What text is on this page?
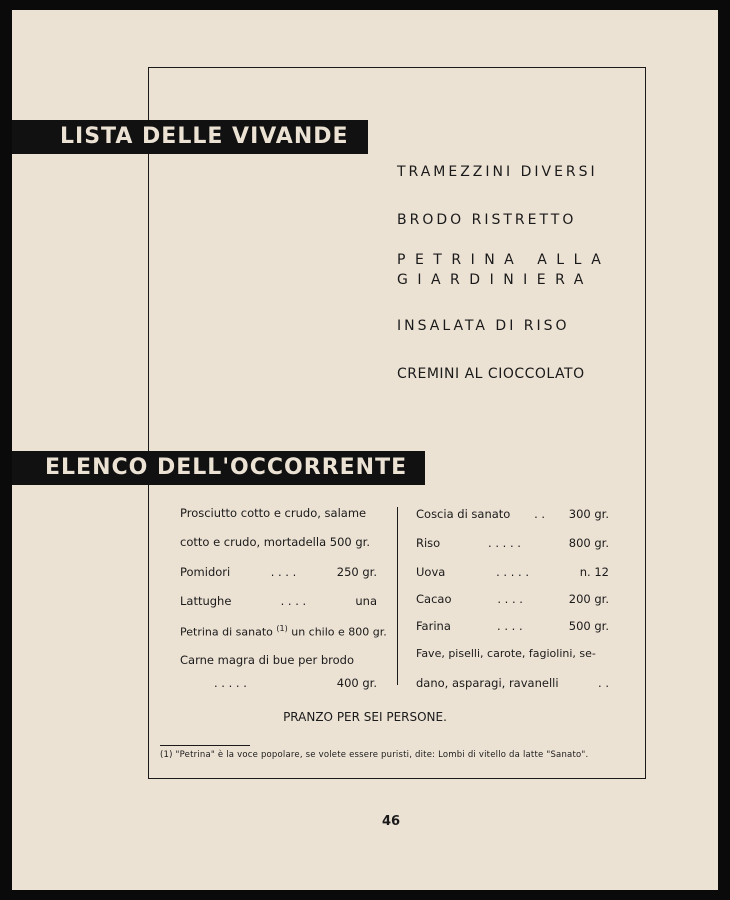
LISTA DELLE VIVANDE
TRAMEZZINI DIVERSI
BRODO RISTRETTO
PETRINA ALLA
GIARDINIERA
INSALATA DI RISO
CREMINI AL CIOCCOLATO
ELENCO DELL'OCCORRENTE
Prosciutto cotto e crudo, salame
cotto e crudo, mortadella 500 gr.
Pomidori	. . . .	250 gr.
Lattughe	. . . .	una
Petrina di sanato $^{(1)}$ un chilo e 800 gr.
Carne magra di bue per brodo
. . . . .	400 gr.
Coscia di sanato . . 300 gr.
Riso	. . . . .	800 gr.
Uova	. . . . .	n. 12
Cacao	. . . .	200 gr.
Farina	. . . .	500 gr.
Fave, piselli, carote, fagiolini, se-
dano, asparagi, ravanelli	. .
PRANZO PER SEI PERSONE.
(1) "Petrina" è la voce popolare, se volete essere puristi, dite: Lombi di vitello da latte "Sanato".
46
